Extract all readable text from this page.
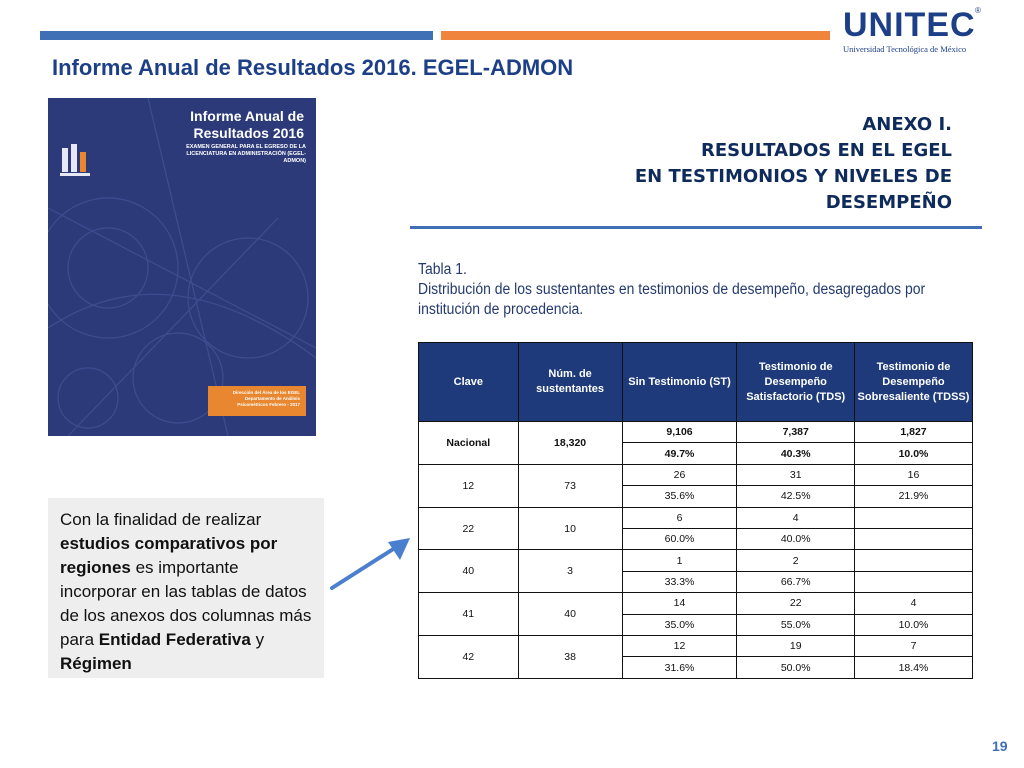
UNITEC ®
Universidad Tecnológica de México
Informe Anual de Resultados 2016. EGEL-ADMON
Informe Anual de
Resultados 2016
EXAMEN GENERAL PARA EL EGRESO DE LA LICENCIATURA EN ADMINISTRACIÓN (EGEL-ADMON)
Dirección del Área de los EGEL Departamento de Análisis Psicométricos Febrero - 2017
ANEXO I.
RESULTADOS EN EL EGEL
EN TESTIMONIOS Y NIVELES DE
DESEMPEÑO
Tabla 1.
Distribución de los sustentantes en testimonios de desempeño, desagregados por institución de procedencia.
Clave	Núm. de sustentantes	Sin Testimonio (ST)	Testimonio de Desempeño Satisfactorio (TDS)	Testimonio de Desempeño Sobresaliente (TDSS)
Nacional	18,320	9,106	7,387	1,827
		49.7%	40.3%	10.0%
12	73	26	31	16
		35.6%	42.5%	21.9%
22	10	6	4	
		60.0%	40.0%	
40	3	1	2	
		33.3%	66.7%	
41	40	14	22	4
		35.0%	55.0%	10.0%
42	38	12	19	7
		31.6%	50.0%	18.4%
Con la finalidad de realizar estudios comparativos por regiones es importante incorporar en las tablas de datos de los anexos dos columnas más para Entidad Federativa y Régimen
19
